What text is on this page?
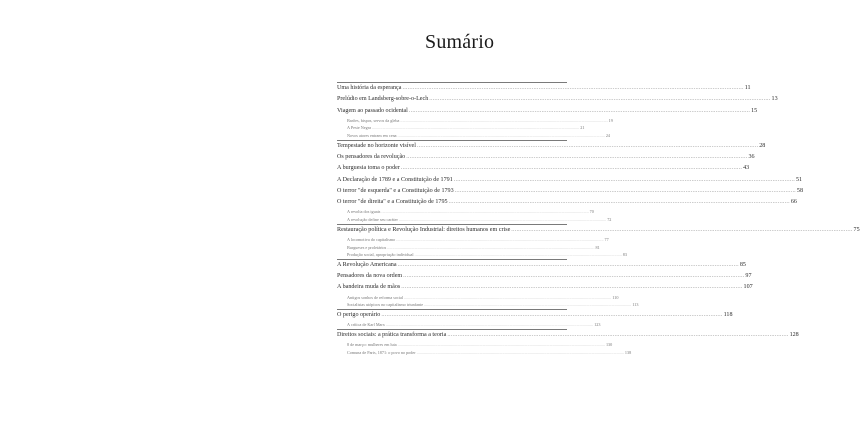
Sumário
Uma história da esperança .....	11
Prelúdio em Landsberg-sobre-o-Lech .....	13
Viagem ao passado ocidental .....	15
Barões, bispos, servos da gleba .....	19
A Peste Negra .....	21
Novos atores entram em cena .....	24
Tempestade no horizonte visível .....	28
Os pensadores da revolução .....	36
A burguesia toma o poder .....	43
A Declaração de 1789 e a Constituição de 1791 .....	51
O terror "de esquerda" e a Constituição de 1793 .....	58
O terror "de direita" e a Constituição de 1795 .....	66
A revolta dos iguais .....	70
A revolução define seu caráter .....	72
Restauração política e Revolução Industrial: direitos humanos em crise .....	75
A locomotiva do capitalismo .....	77
Burgueses e proletários .....	81
Produção social, apropriação individual .....	83
A Revolução Americana .....	85
Pensadores da nova ordem .....	97
A bandeira muda de mãos .....	107
Antigos sonhos de reforma social .....	110
Socialistas utópicos no capitalismo triunfante .....	113
O perigo operário .....	118
A crítica de Karl Marx .....	123
Direitos sociais: a prática transforma a teoria .....	128
8 de março: mulheres em luta .....	130
Comuna de Paris, 1871: o povo no poder .....	138
